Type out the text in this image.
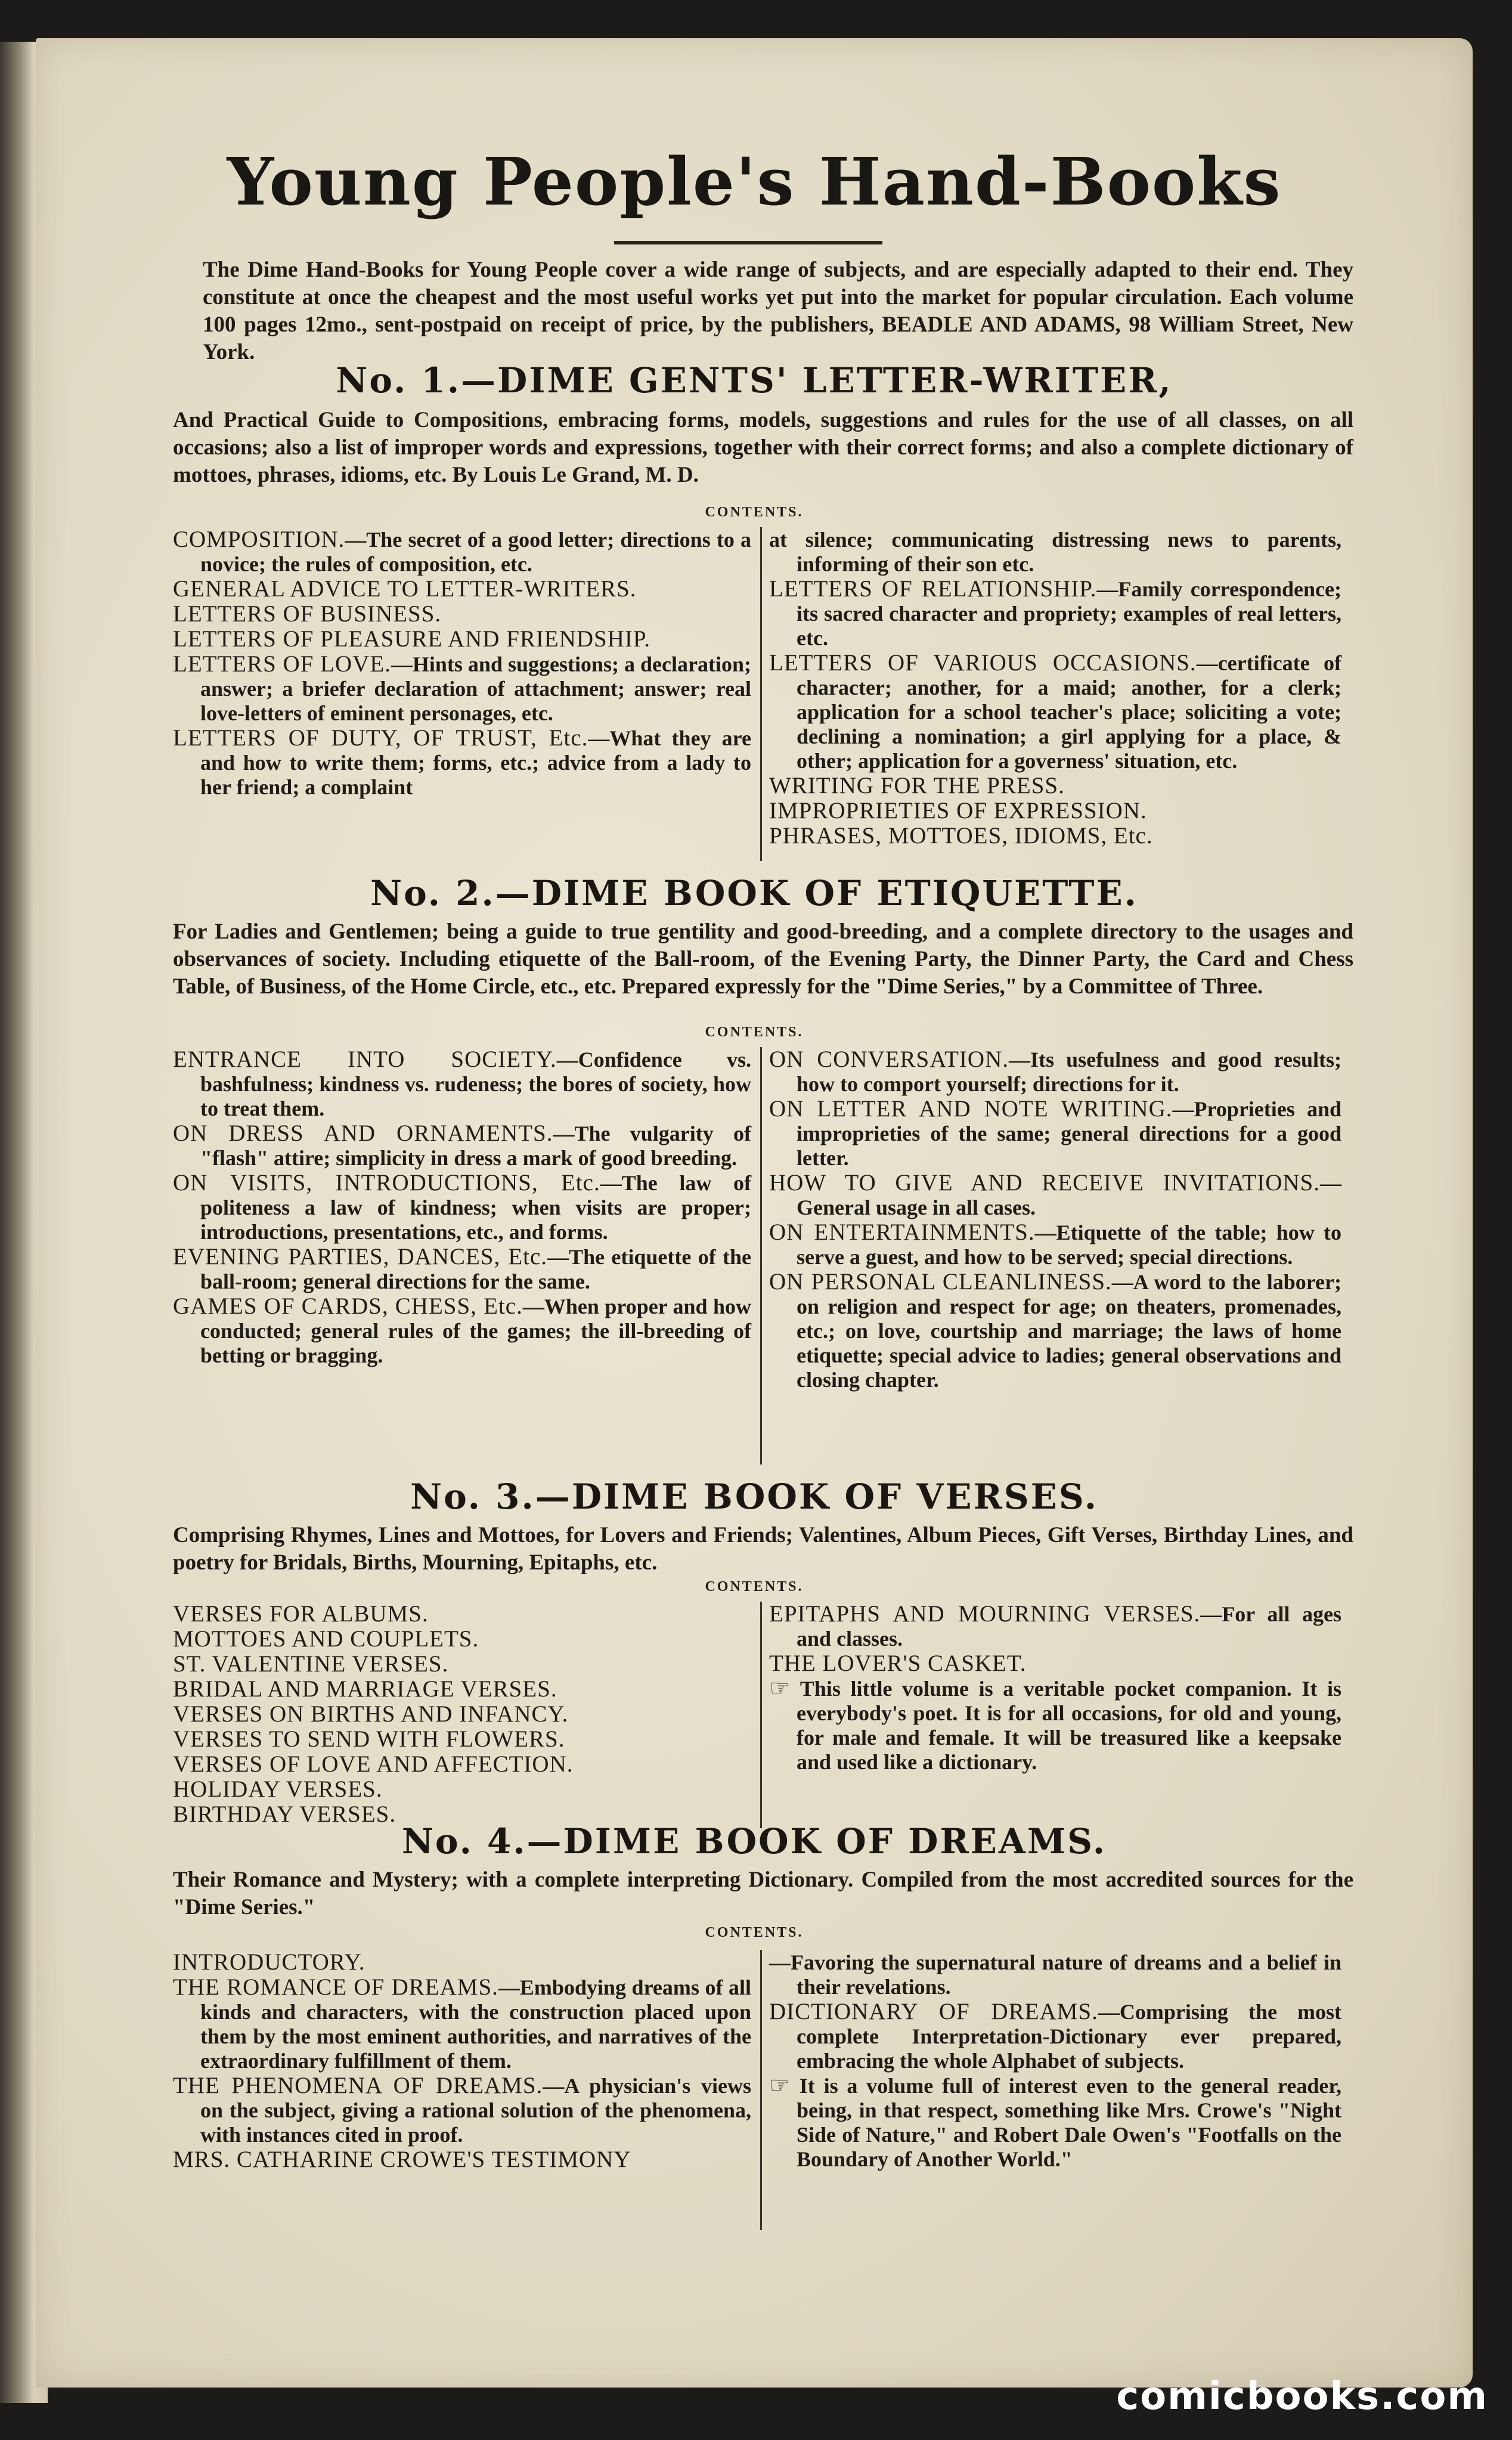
Young People's Hand-Books

The Dime Hand-Books for Young People cover a wide range of subjects, and are especially adapted to their end. They constitute at once the cheapest and the most useful works yet put into the market for popular circulation. Each volume 100 pages 12mo., sent-postpaid on receipt of price, by the publishers, BEADLE AND ADAMS, 98 William Street, New York.

No. 1.—DIME GENTS' LETTER-WRITER,

And Practical Guide to Compositions, embracing forms, models, suggestions and rules for the use of all classes, on all occasions; also a list of improper words and expressions, together with their correct forms; and also a complete dictionary of mottoes, phrases, idioms, etc. By Louis Le Grand, M. D.

CONTENTS.
COMPOSITION.—The secret of a good letter; directions to a novice; the rules of composition, etc.
GENERAL ADVICE TO LETTER-WRITERS.
LETTERS OF BUSINESS.
LETTERS OF PLEASURE AND FRIENDSHIP.
LETTERS OF LOVE.—Hints and suggestions; a declaration; answer; a briefer declaration of attachment; answer; real love-letters of eminent personages, etc.
LETTERS OF DUTY, OF TRUST, Etc.—What they are and how to write them; forms, etc.; advice from a lady to her friend; a complaint
at silence; communicating distressing news to parents, informing of their son etc.
LETTERS OF RELATIONSHIP.—Family correspondence; its sacred character and propriety; examples of real letters, etc.
LETTERS OF VARIOUS OCCASIONS.—certificate of character; another, for a maid; another, for a clerk; application for a school teacher's place; soliciting a vote; declining a nomination; a girl applying for a place, & other; application for a governess' situation, etc.
WRITING FOR THE PRESS.
IMPROPRIETIES OF EXPRESSION.
PHRASES, MOTTOES, IDIOMS, Etc.
No. 2.—DIME BOOK OF ETIQUETTE.

For Ladies and Gentlemen; being a guide to true gentility and good-breeding, and a complete directory to the usages and observances of society. Including etiquette of the Ball-room, of the Evening Party, the Dinner Party, the Card and Chess Table, of Business, of the Home Circle, etc., etc. Prepared expressly for the "Dime Series," by a Committee of Three.

CONTENTS.
ENTRANCE INTO SOCIETY.—Confidence vs. bashfulness; kindness vs. rudeness; the bores of society, how to treat them.
ON DRESS AND ORNAMENTS.—The vulgarity of "flash" attire; simplicity in dress a mark of good breeding.
ON VISITS, INTRODUCTIONS, Etc.—The law of politeness a law of kindness; when visits are proper; introductions, presentations, etc., and forms.
EVENING PARTIES, DANCES, Etc.—The etiquette of the ball-room; general directions for the same.
GAMES OF CARDS, CHESS, Etc.—When proper and how conducted; general rules of the games; the ill-breeding of betting or bragging.
ON CONVERSATION.—Its usefulness and good results; how to comport yourself; directions for it.
ON LETTER AND NOTE WRITING.—Proprieties and improprieties of the same; general directions for a good letter.
HOW TO GIVE AND RECEIVE INVITATIONS.—General usage in all cases.
ON ENTERTAINMENTS.—Etiquette of the table; how to serve a guest, and how to be served; special directions.
ON PERSONAL CLEANLINESS.—A word to the laborer; on religion and respect for age; on theaters, promenades, etc.; on love, courtship and marriage; the laws of home etiquette; special advice to ladies; general observations and closing chapter.
No. 3.—DIME BOOK OF VERSES.

Comprising Rhymes, Lines and Mottoes, for Lovers and Friends; Valentines, Album Pieces, Gift Verses, Birthday Lines, and poetry for Bridals, Births, Mourning, Epitaphs, etc.

CONTENTS.
VERSES FOR ALBUMS.
MOTTOES AND COUPLETS.
ST. VALENTINE VERSES.
BRIDAL AND MARRIAGE VERSES.
VERSES ON BIRTHS AND INFANCY.
VERSES TO SEND WITH FLOWERS.
VERSES OF LOVE AND AFFECTION.
HOLIDAY VERSES.
BIRTHDAY VERSES.
EPITAPHS AND MOURNING VERSES.—For all ages and classes.
THE LOVER'S CASKET.
☞ This little volume is a veritable pocket companion. It is everybody's poet. It is for all occasions, for old and young, for male and female. It will be treasured like a keepsake and used like a dictionary.
No. 4.—DIME BOOK OF DREAMS.

Their Romance and Mystery; with a complete interpreting Dictionary. Compiled from the most accredited sources for the "Dime Series."

CONTENTS.
INTRODUCTORY.
THE ROMANCE OF DREAMS.—Embodying dreams of all kinds and characters, with the construction placed upon them by the most eminent authorities, and narratives of the extraordinary fulfillment of them.
THE PHENOMENA OF DREAMS.—A physician's views on the subject, giving a rational solution of the phenomena, with instances cited in proof.
MRS. CATHARINE CROWE'S TESTIMONY
—Favoring the supernatural nature of dreams and a belief in their revelations.
DICTIONARY OF DREAMS.—Comprising the most complete Interpretation-Dictionary ever prepared, embracing the whole Alphabet of subjects.
☞ It is a volume full of interest even to the general reader, being, in that respect, something like Mrs. Crowe's "Night Side of Nature," and Robert Dale Owen's "Footfalls on the Boundary of Another World."
comicbooks.com
